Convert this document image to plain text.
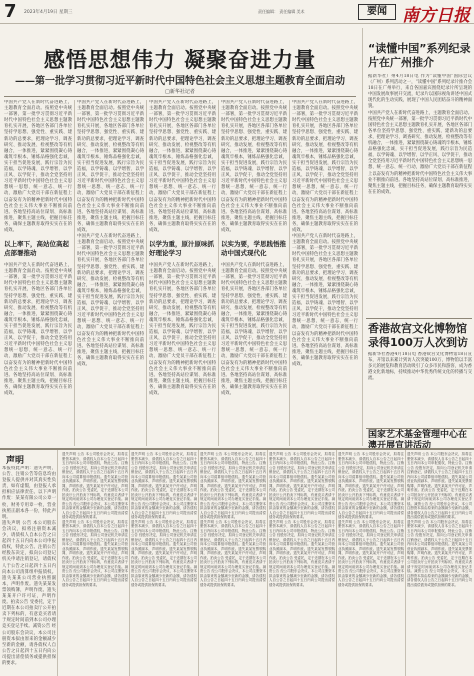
7 2023年4月19日 星期三	责任编辑： 责任编辑 美术	要闻 南方日报
感悟思想伟力 凝聚奋进力量
——第一批学习贯彻习近平新时代中国特色社会主义思想主题教育全面启动
□新华社记者
中国共产党人在新时代奋进路上，主题教育全面启动。按照党中央统一部署，第一批学习贯彻习近平新时代中国特色社会主义思想主题教育扎实开展，各地区各部门各单位坚持学思想、强党性、重实践、建新功的总要求，把理论学习、调查研究、推动发展、检视整改等有机融合，一体推进，紧紧围绕凝心铸魂筑牢根本，锤炼品格强化忠诚，实干担当促进发展，践行宗旨为民造福，以学铸魂、以学增智、以学正风、以学促干，推动全党坚持用习近平新时代中国特色社会主义思想统一思想、统一意志、统一行动，激励广大党员干部在新征程上以奋发有为的精神把新时代中国特色社会主义伟大事业不断推向前进。各地坚持高站位谋划、高标准推进，聚焦主题主线，把握目标任务，确保主题教育取得实实在在的成效。
以上率下，高站位高起点部署推动
中国共产党人在新时代奋进路上，主题教育全面启动。按照党中央统一部署，第一批学习贯彻习近平新时代中国特色社会主义思想主题教育扎实开展，各地区各部门各单位坚持学思想、强党性、重实践、建新功的总要求，把理论学习、调查研究、推动发展、检视整改等有机融合，一体推进，紧紧围绕凝心铸魂筑牢根本，锤炼品格强化忠诚，实干担当促进发展，践行宗旨为民造福，以学铸魂、以学增智、以学正风、以学促干，推动全党坚持用习近平新时代中国特色社会主义思想统一思想、统一意志、统一行动，激励广大党员干部在新征程上以奋发有为的精神把新时代中国特色社会主义伟大事业不断推向前进。各地坚持高站位谋划、高标准推进，聚焦主题主线，把握目标任务，确保主题教育取得实实在在的成效。
中国共产党人在新时代奋进路上，主题教育全面启动。按照党中央统一部署，第一批学习贯彻习近平新时代中国特色社会主义思想主题教育扎实开展，各地区各部门各单位坚持学思想、强党性、重实践、建新功的总要求，把理论学习、调查研究、推动发展、检视整改等有机融合，一体推进，紧紧围绕凝心铸魂筑牢根本，锤炼品格强化忠诚，实干担当促进发展，践行宗旨为民造福，以学铸魂、以学增智、以学正风、以学促干，推动全党坚持用习近平新时代中国特色社会主义思想统一思想、统一意志、统一行动，激励广大党员干部在新征程上以奋发有为的精神把新时代中国特色社会主义伟大事业不断推向前进。各地坚持高站位谋划、高标准推进，聚焦主题主线，把握目标任务，确保主题教育取得实实在在的成效。
中国共产党人在新时代奋进路上，主题教育全面启动。按照党中央统一部署，第一批学习贯彻习近平新时代中国特色社会主义思想主题教育扎实开展，各地区各部门各单位坚持学思想、强党性、重实践、建新功的总要求，把理论学习、调查研究、推动发展、检视整改等有机融合，一体推进，紧紧围绕凝心铸魂筑牢根本，锤炼品格强化忠诚，实干担当促进发展，践行宗旨为民造福，以学铸魂、以学增智、以学正风、以学促干，推动全党坚持用习近平新时代中国特色社会主义思想统一思想、统一意志、统一行动，激励广大党员干部在新征程上以奋发有为的精神把新时代中国特色社会主义伟大事业不断推向前进。各地坚持高站位谋划、高标准推进，聚焦主题主线，把握目标任务，确保主题教育取得实实在在的成效。
中国共产党人在新时代奋进路上，主题教育全面启动。按照党中央统一部署，第一批学习贯彻习近平新时代中国特色社会主义思想主题教育扎实开展，各地区各部门各单位坚持学思想、强党性、重实践、建新功的总要求，把理论学习、调查研究、推动发展、检视整改等有机融合，一体推进，紧紧围绕凝心铸魂筑牢根本，锤炼品格强化忠诚，实干担当促进发展，践行宗旨为民造福，以学铸魂、以学增智、以学正风、以学促干，推动全党坚持用习近平新时代中国特色社会主义思想统一思想、统一意志、统一行动，激励广大党员干部在新征程上以奋发有为的精神把新时代中国特色社会主义伟大事业不断推向前进。各地坚持高站位谋划、高标准推进，聚焦主题主线，把握目标任务，确保主题教育取得实实在在的成效。
以学为重，原汁原味抓好理论学习
中国共产党人在新时代奋进路上，主题教育全面启动。按照党中央统一部署，第一批学习贯彻习近平新时代中国特色社会主义思想主题教育扎实开展，各地区各部门各单位坚持学思想、强党性、重实践、建新功的总要求，把理论学习、调查研究、推动发展、检视整改等有机融合，一体推进，紧紧围绕凝心铸魂筑牢根本，锤炼品格强化忠诚，实干担当促进发展，践行宗旨为民造福，以学铸魂、以学增智、以学正风、以学促干，推动全党坚持用习近平新时代中国特色社会主义思想统一思想、统一意志、统一行动，激励广大党员干部在新征程上以奋发有为的精神把新时代中国特色社会主义伟大事业不断推向前进。各地坚持高站位谋划、高标准推进，聚焦主题主线，把握目标任务，确保主题教育取得实实在在的成效。
中国共产党人在新时代奋进路上，主题教育全面启动。按照党中央统一部署，第一批学习贯彻习近平新时代中国特色社会主义思想主题教育扎实开展，各地区各部门各单位坚持学思想、强党性、重实践、建新功的总要求，把理论学习、调查研究、推动发展、检视整改等有机融合，一体推进，紧紧围绕凝心铸魂筑牢根本，锤炼品格强化忠诚，实干担当促进发展，践行宗旨为民造福，以学铸魂、以学增智、以学正风、以学促干，推动全党坚持用习近平新时代中国特色社会主义思想统一思想、统一意志、统一行动，激励广大党员干部在新征程上以奋发有为的精神把新时代中国特色社会主义伟大事业不断推向前进。各地坚持高站位谋划、高标准推进，聚焦主题主线，把握目标任务，确保主题教育取得实实在在的成效。
以实为要，学思践悟推动中国式现代化
中国共产党人在新时代奋进路上，主题教育全面启动。按照党中央统一部署，第一批学习贯彻习近平新时代中国特色社会主义思想主题教育扎实开展，各地区各部门各单位坚持学思想、强党性、重实践、建新功的总要求，把理论学习、调查研究、推动发展、检视整改等有机融合，一体推进，紧紧围绕凝心铸魂筑牢根本，锤炼品格强化忠诚，实干担当促进发展，践行宗旨为民造福，以学铸魂、以学增智、以学正风、以学促干，推动全党坚持用习近平新时代中国特色社会主义思想统一思想、统一意志、统一行动，激励广大党员干部在新征程上以奋发有为的精神把新时代中国特色社会主义伟大事业不断推向前进。各地坚持高站位谋划、高标准推进，聚焦主题主线，把握目标任务，确保主题教育取得实实在在的成效。
中国共产党人在新时代奋进路上，主题教育全面启动。按照党中央统一部署，第一批学习贯彻习近平新时代中国特色社会主义思想主题教育扎实开展，各地区各部门各单位坚持学思想、强党性、重实践、建新功的总要求，把理论学习、调查研究、推动发展、检视整改等有机融合，一体推进，紧紧围绕凝心铸魂筑牢根本，锤炼品格强化忠诚，实干担当促进发展，践行宗旨为民造福，以学铸魂、以学增智、以学正风、以学促干，推动全党坚持用习近平新时代中国特色社会主义思想统一思想、统一意志、统一行动，激励广大党员干部在新征程上以奋发有为的精神把新时代中国特色社会主义伟大事业不断推向前进。各地坚持高站位谋划、高标准推进，聚焦主题主线，把握目标任务，确保主题教育取得实实在在的成效。
中国共产党人在新时代奋进路上，主题教育全面启动。按照党中央统一部署，第一批学习贯彻习近平新时代中国特色社会主义思想主题教育扎实开展，各地区各部门各单位坚持学思想、强党性、重实践、建新功的总要求，把理论学习、调查研究、推动发展、检视整改等有机融合，一体推进，紧紧围绕凝心铸魂筑牢根本，锤炼品格强化忠诚，实干担当促进发展，践行宗旨为民造福，以学铸魂、以学增智、以学正风、以学促干，推动全党坚持用习近平新时代中国特色社会主义思想统一思想、统一意志、统一行动，激励广大党员干部在新征程上以奋发有为的精神把新时代中国特色社会主义伟大事业不断推向前进。各地坚持高站位谋划、高标准推进，聚焦主题主线，把握目标任务，确保主题教育取得实实在在的成效。
“读懂中国”系列纪录片在广州推介
据新华社广州4月18日电 作为“读懂中国”国际会议（广州）系列活动之一，“读懂中国”系列纪录片推介会18日在广州举行，来自各国嘉宾围绕纪录片所呈现的中国发展故事展开交流，纪录片以国际视角讲述中国式现代化的生动实践，展现了中国人民团结奋斗的精神面貌。
中国共产党人在新时代奋进路上，主题教育全面启动。按照党中央统一部署，第一批学习贯彻习近平新时代中国特色社会主义思想主题教育扎实开展，各地区各部门各单位坚持学思想、强党性、重实践、建新功的总要求，把理论学习、调查研究、推动发展、检视整改等有机融合，一体推进，紧紧围绕凝心铸魂筑牢根本，锤炼品格强化忠诚，实干担当促进发展，践行宗旨为民造福，以学铸魂、以学增智、以学正风、以学促干，推动全党坚持用习近平新时代中国特色社会主义思想统一思想、统一意志、统一行动，激励广大党员干部在新征程上以奋发有为的精神把新时代中国特色社会主义伟大事业不断推向前进。各地坚持高站位谋划、高标准推进，聚焦主题主线，把握目标任务，确保主题教育取得实实在在的成效。
香港故宫文化博物馆录得100万人次到访
据新华社香港4月18日电 香港故宫文化博物馆18日宣布，开馆以来累计到访人次突破100万，博物馆以丰富多元的展览和教育活动吸引了众多市民和游客，成为香港文化新地标，持续推动中华优秀传统文化的传播与交流。
国家艺术基金管理中心在澳开展宣讲活动
声明
本报特此声明：遗失声明、公告、注销公告等信息均由登报人提供并对其真实性负责，如有虚假，由登报人承担相应法律责任。以下声明作废：某某有限公司公章一枚，财务专用章一枚，营业执照正副本各一份，特此声明。
遗失声明 公告 本公司股东会决议，拟将注册资本减少，请债权人自本公告之日起四十五日内向本公司申报债权，特此公告。注销公告 经股东决定，拟向公司登记机关申请注销登记，请债权人于公告之日起四十五日内向本公司清算组申报债权。遗失某某公司营业执照副本，声明作废。遗失某某发票领购簿，声明作废。遗失某某开户许可证，声明作废。拍卖公告 受委托，定于近期在本公司拍卖厅公开拍卖下列标的，有意竞买者请于规定时间前到本公司办理竞买登记手续。减资公告 经公司股东会决议，本公司注册资本拟由原来的金额减少至新的金额，请各债权人自公告之日起四十五日内向公司提出清偿债务或提供担保的要求。
遗失声明 公告 本公司股东会决议，拟将注册资本减少，请债权人自本公告之日起四十五日内向本公司申报债权，特此公告。注销公告 经股东决定，拟向公司登记机关申请注销登记，请债权人于公告之日起四十五日内向本公司清算组申报债权。遗失某某公司营业执照副本，声明作废。遗失某某发票领购簿，声明作废。遗失某某开户许可证，声明作废。拍卖公告 受委托，定于近期在本公司拍卖厅公开拍卖下列标的，有意竞买者请于规定时间前到本公司办理竞买登记手续。减资公告 经公司股东会决议，本公司注册资本拟由原来的金额减少至新的金额，请各债权人自公告之日起四十五日内向公司提出清偿债务或提供担保的要求。
遗失声明 公告 本公司股东会决议，拟将注册资本减少，请债权人自本公告之日起四十五日内向本公司申报债权，特此公告。注销公告 经股东决定，拟向公司登记机关申请注销登记，请债权人于公告之日起四十五日内向本公司清算组申报债权。遗失某某公司营业执照副本，声明作废。遗失某某发票领购簿，声明作废。遗失某某开户许可证，声明作废。拍卖公告 受委托，定于近期在本公司拍卖厅公开拍卖下列标的，有意竞买者请于规定时间前到本公司办理竞买登记手续。减资公告 经公司股东会决议，本公司注册资本拟由原来的金额减少至新的金额，请各债权人自公告之日起四十五日内向公司提出清偿债务或提供担保的要求。
遗失声明 公告 本公司股东会决议，拟将注册资本减少，请债权人自本公告之日起四十五日内向本公司申报债权，特此公告。注销公告 经股东决定，拟向公司登记机关申请注销登记，请债权人于公告之日起四十五日内向本公司清算组申报债权。遗失某某公司营业执照副本，声明作废。遗失某某发票领购簿，声明作废。遗失某某开户许可证，声明作废。拍卖公告 受委托，定于近期在本公司拍卖厅公开拍卖下列标的，有意竞买者请于规定时间前到本公司办理竞买登记手续。减资公告 经公司股东会决议，本公司注册资本拟由原来的金额减少至新的金额，请各债权人自公告之日起四十五日内向公司提出清偿债务或提供担保的要求。
遗失声明 公告 本公司股东会决议，拟将注册资本减少，请债权人自本公告之日起四十五日内向本公司申报债权，特此公告。注销公告 经股东决定，拟向公司登记机关申请注销登记，请债权人于公告之日起四十五日内向本公司清算组申报债权。遗失某某公司营业执照副本，声明作废。遗失某某发票领购簿，声明作废。遗失某某开户许可证，声明作废。拍卖公告 受委托，定于近期在本公司拍卖厅公开拍卖下列标的，有意竞买者请于规定时间前到本公司办理竞买登记手续。减资公告 经公司股东会决议，本公司注册资本拟由原来的金额减少至新的金额，请各债权人自公告之日起四十五日内向公司提出清偿债务或提供担保的要求。
遗失声明 公告 本公司股东会决议，拟将注册资本减少，请债权人自本公告之日起四十五日内向本公司申报债权，特此公告。注销公告 经股东决定，拟向公司登记机关申请注销登记，请债权人于公告之日起四十五日内向本公司清算组申报债权。遗失某某公司营业执照副本，声明作废。遗失某某发票领购簿，声明作废。遗失某某开户许可证，声明作废。拍卖公告 受委托，定于近期在本公司拍卖厅公开拍卖下列标的，有意竞买者请于规定时间前到本公司办理竞买登记手续。减资公告 经公司股东会决议，本公司注册资本拟由原来的金额减少至新的金额，请各债权人自公告之日起四十五日内向公司提出清偿债务或提供担保的要求。
遗失声明 公告 本公司股东会决议，拟将注册资本减少，请债权人自本公告之日起四十五日内向本公司申报债权，特此公告。注销公告 经股东决定，拟向公司登记机关申请注销登记，请债权人于公告之日起四十五日内向本公司清算组申报债权。遗失某某公司营业执照副本，声明作废。遗失某某发票领购簿，声明作废。遗失某某开户许可证，声明作废。拍卖公告 受委托，定于近期在本公司拍卖厅公开拍卖下列标的，有意竞买者请于规定时间前到本公司办理竞买登记手续。减资公告 经公司股东会决议，本公司注册资本拟由原来的金额减少至新的金额，请各债权人自公告之日起四十五日内向公司提出清偿债务或提供担保的要求。
遗失声明 公告 本公司股东会决议，拟将注册资本减少，请债权人自本公告之日起四十五日内向本公司申报债权，特此公告。注销公告 经股东决定，拟向公司登记机关申请注销登记，请债权人于公告之日起四十五日内向本公司清算组申报债权。遗失某某公司营业执照副本，声明作废。遗失某某发票领购簿，声明作废。遗失某某开户许可证，声明作废。拍卖公告 受委托，定于近期在本公司拍卖厅公开拍卖下列标的，有意竞买者请于规定时间前到本公司办理竞买登记手续。减资公告 经公司股东会决议，本公司注册资本拟由原来的金额减少至新的金额，请各债权人自公告之日起四十五日内向公司提出清偿债务或提供担保的要求。
遗失声明 公告 本公司股东会决议，拟将注册资本减少，请债权人自本公告之日起四十五日内向本公司申报债权，特此公告。注销公告 经股东决定，拟向公司登记机关申请注销登记，请债权人于公告之日起四十五日内向本公司清算组申报债权。遗失某某公司营业执照副本，声明作废。遗失某某发票领购簿，声明作废。遗失某某开户许可证，声明作废。拍卖公告 受委托，定于近期在本公司拍卖厅公开拍卖下列标的，有意竞买者请于规定时间前到本公司办理竞买登记手续。减资公告 经公司股东会决议，本公司注册资本拟由原来的金额减少至新的金额，请各债权人自公告之日起四十五日内向公司提出清偿债务或提供担保的要求。
遗失声明 公告 本公司股东会决议，拟将注册资本减少，请债权人自本公告之日起四十五日内向本公司申报债权，特此公告。注销公告 经股东决定，拟向公司登记机关申请注销登记，请债权人于公告之日起四十五日内向本公司清算组申报债权。遗失某某公司营业执照副本，声明作废。遗失某某发票领购簿，声明作废。遗失某某开户许可证，声明作废。拍卖公告 受委托，定于近期在本公司拍卖厅公开拍卖下列标的，有意竞买者请于规定时间前到本公司办理竞买登记手续。减资公告 经公司股东会决议，本公司注册资本拟由原来的金额减少至新的金额，请各债权人自公告之日起四十五日内向公司提出清偿债务或提供担保的要求。
遗失声明 公告 本公司股东会决议，拟将注册资本减少，请债权人自本公告之日起四十五日内向本公司申报债权，特此公告。注销公告 经股东决定，拟向公司登记机关申请注销登记，请债权人于公告之日起四十五日内向本公司清算组申报债权。遗失某某公司营业执照副本，声明作废。遗失某某发票领购簿，声明作废。遗失某某开户许可证，声明作废。拍卖公告 受委托，定于近期在本公司拍卖厅公开拍卖下列标的，有意竞买者请于规定时间前到本公司办理竞买登记手续。减资公告 经公司股东会决议，本公司注册资本拟由原来的金额减少至新的金额，请各债权人自公告之日起四十五日内向公司提出清偿债务或提供担保的要求。
遗失声明 公告 本公司股东会决议，拟将注册资本减少，请债权人自本公告之日起四十五日内向本公司申报债权，特此公告。注销公告 经股东决定，拟向公司登记机关申请注销登记，请债权人于公告之日起四十五日内向本公司清算组申报债权。遗失某某公司营业执照副本，声明作废。遗失某某发票领购簿，声明作废。遗失某某开户许可证，声明作废。拍卖公告 受委托，定于近期在本公司拍卖厅公开拍卖下列标的，有意竞买者请于规定时间前到本公司办理竞买登记手续。减资公告 经公司股东会决议，本公司注册资本拟由原来的金额减少至新的金额，请各债权人自公告之日起四十五日内向公司提出清偿债务或提供担保的要求。
遗失声明 公告 本公司股东会决议，拟将注册资本减少，请债权人自本公告之日起四十五日内向本公司申报债权，特此公告。注销公告 经股东决定，拟向公司登记机关申请注销登记，请债权人于公告之日起四十五日内向本公司清算组申报债权。遗失某某公司营业执照副本，声明作废。遗失某某发票领购簿，声明作废。遗失某某开户许可证，声明作废。拍卖公告 受委托，定于近期在本公司拍卖厅公开拍卖下列标的，有意竞买者请于规定时间前到本公司办理竞买登记手续。减资公告 经公司股东会决议，本公司注册资本拟由原来的金额减少至新的金额，请各债权人自公告之日起四十五日内向公司提出清偿债务或提供担保的要求。
